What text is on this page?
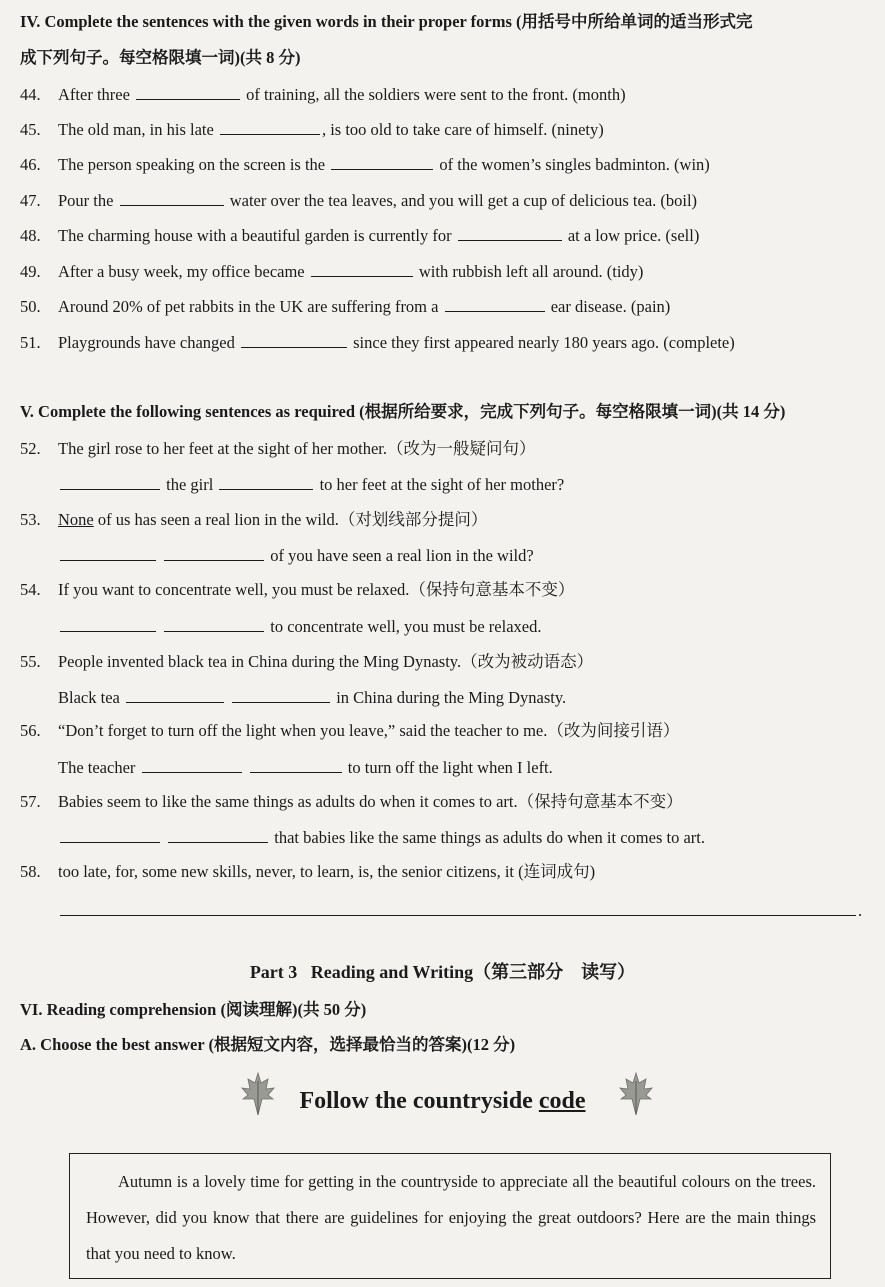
IV. Complete the sentences with the given words in their proper forms (用括号中所给单词的适当形式完
成下列句子。每空格限填一词)(共 8 分)
44. After three	of training, all the soldiers were sent to the front. (month)
45. The old man, in his late	, is too old to take care of himself. (ninety)
46. The person speaking on the screen is the	of the women’s singles badminton. (win)
47. Pour the	water over the tea leaves, and you will get a cup of delicious tea. (boil)
48. The charming house with a beautiful garden is currently for	at a low price. (sell)
49. After a busy week, my office became	with rubbish left all around. (tidy)
50. Around 20% of pet rabbits in the UK are suffering from a	ear disease. (pain)
51. Playgrounds have changed	since they first appeared nearly 180 years ago. (complete)
V. Complete the following sentences as required (根据所给要求，完成下列句子。每空格限填一词)(共 14 分)
52. The girl rose to her feet at the sight of her mother.（改为一般疑问句）
the girl	to her feet at the sight of her mother?
53. None of us has seen a real lion in the wild.（对划线部分提问）
of you have seen a real lion in the wild?
54. If you want to concentrate well, you must be relaxed.（保持句意基本不变）
to concentrate well, you must be relaxed.
55. People invented black tea in China during the Ming Dynasty.（改为被动语态）
Black tea	in China during the Ming Dynasty.
56. “Don’t forget to turn off the light when you leave,” said the teacher to me.（改为间接引语）
The teacher	to turn off the light when I left.
57. Babies seem to like the same things as adults do when it comes to art.（保持句意基本不变）
that babies like the same things as adults do when it comes to art.
58. too late, for, some new skills, never, to learn, is, the senior citizens, it (连词成句)
.
Part 3 Reading and Writing（第三部分　读写）
VI. Reading comprehension (阅读理解)(共 50 分)
A. Choose the best answer (根据短文内容，选择最恰当的答案)(12 分)
Follow the countryside code

Autumn is a lovely time for getting in the countryside to appreciate all the beautiful colours on the trees. However, did you know that there are guidelines for enjoying the great outdoors? Here are the main things that you need to know.
